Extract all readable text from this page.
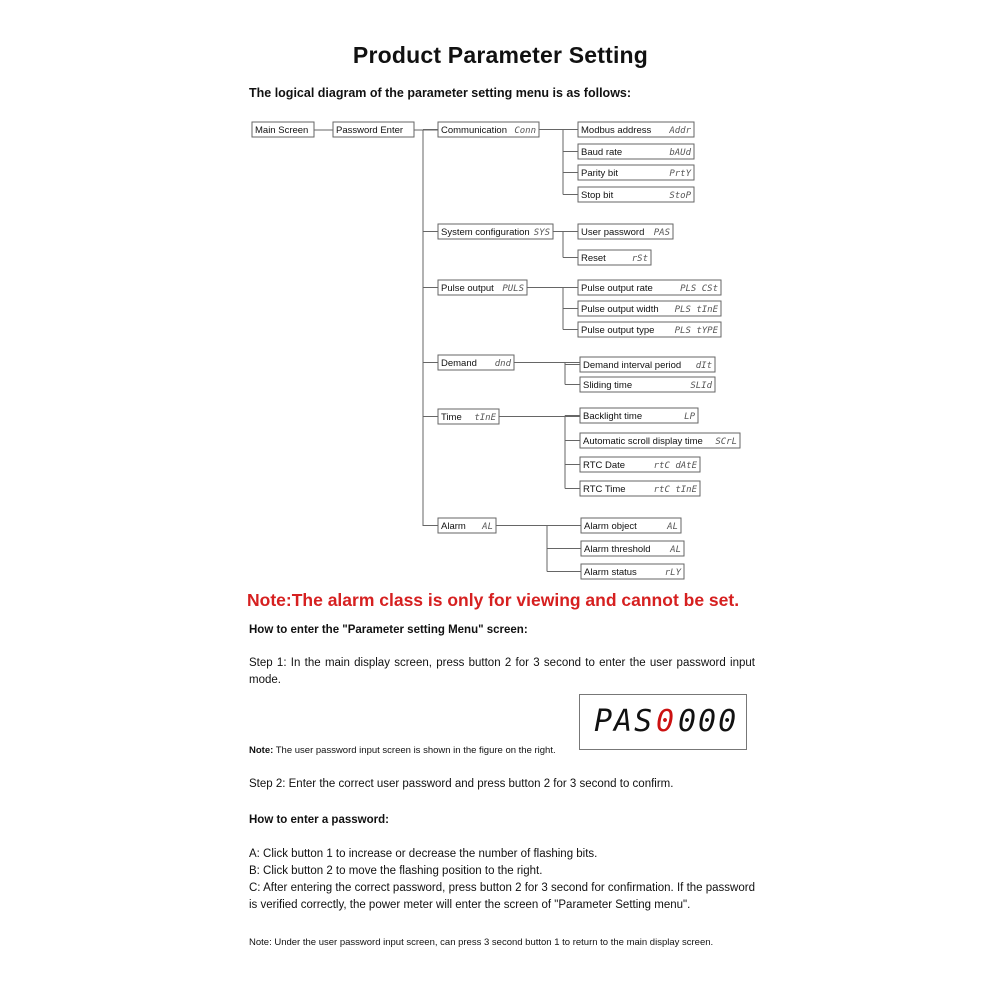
Product Parameter Setting
The logical diagram of the parameter setting menu is as follows:
Main Screen	Password Enter	Communication Conn	Modbus address Addr
Baud rate	bAUd
Parity bit	PrtY
Stop bit	StoP
System configuration SYS	User password PAS
Reset	rSt
Pulse output PULS	Pulse output rate	PLS CSt
Pulse output width PLS tInE
Pulse output type PLS tYPE
Demand dnd	Demand interval period dIt
Sliding time	SLId
Time tInE	Backlight time	LP
Automatic scroll display time SCrL
RTC Date	rtC dAtE
RTC Time	rtC tInE
Alarm AL	Alarm object	AL
Alarm threshold AL
Alarm status	rLY
Note:The alarm class is only for viewing and cannot be set.
How to enter the "Parameter setting Menu" screen:
Step 1: In the main display screen, press button 2 for 3 second to enter the user password input mode.
Note: The user password input screen is shown in the figure on the right.
PAS 0 000
Step 2: Enter the correct user password and press button 2 for 3 second to confirm.
How to enter a password:
A: Click button 1 to increase or decrease the number of flashing bits.
B: Click button 2 to move the flashing position to the right.
C: After entering the correct password, press button 2 for 3 second for confirmation. If the password is verified correctly, the power meter will enter the screen of "Parameter Setting menu".
Note: Under the user password input screen, can press 3 second button 1 to return to the main display screen.
